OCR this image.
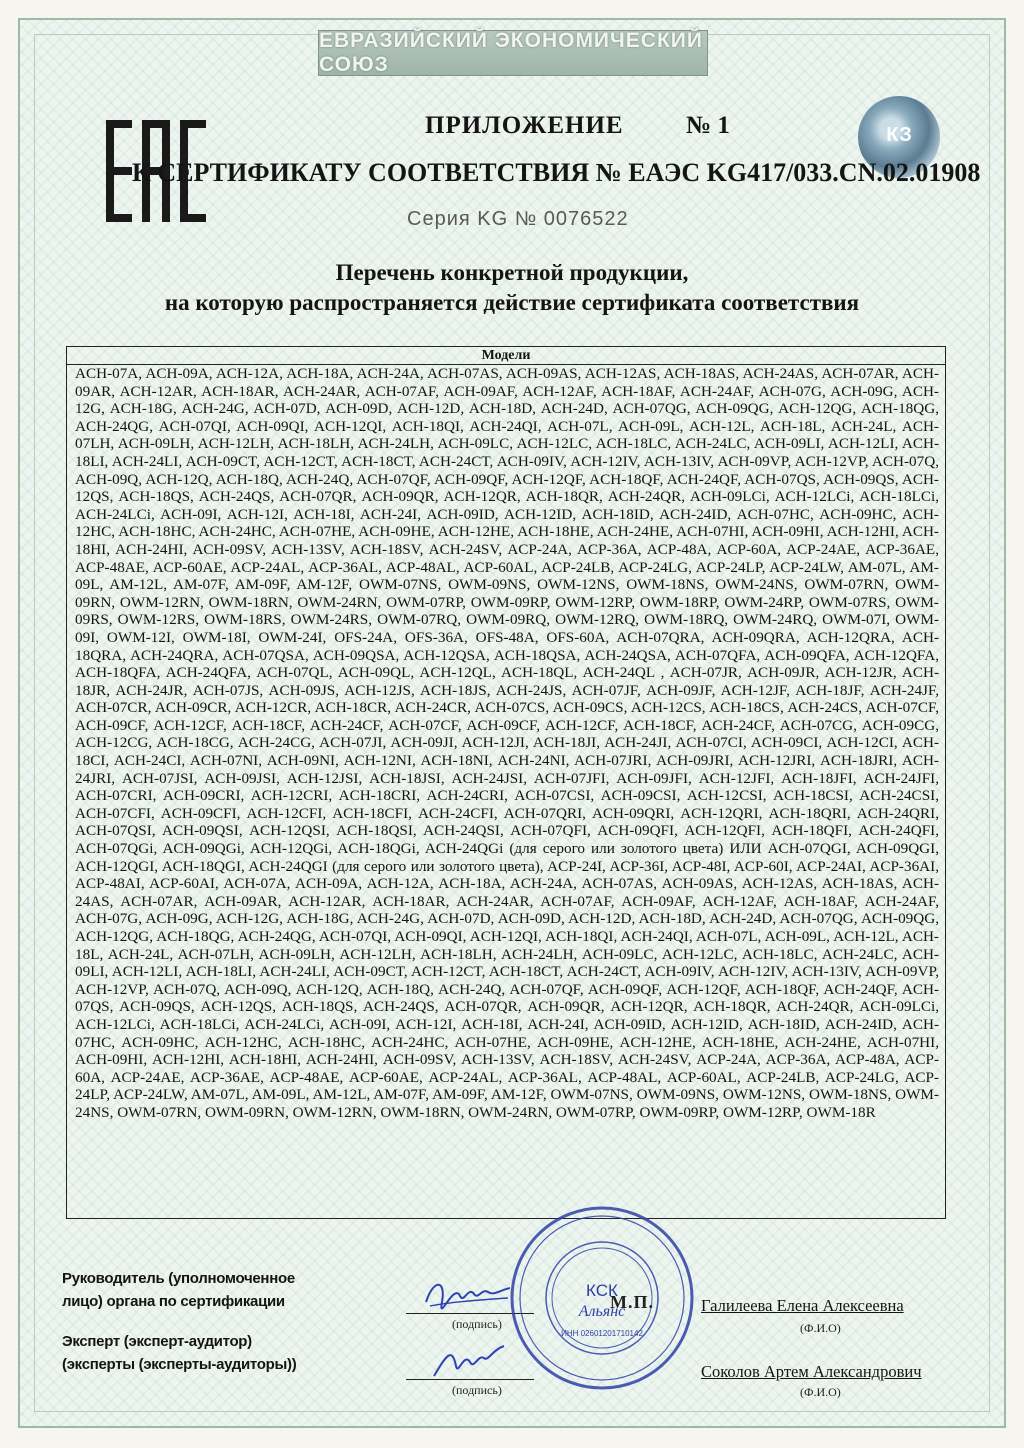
ЕВРАЗИЙСКИЙ ЭКОНОМИЧЕСКИЙ СОЮЗ
КЗ
ПРИЛОЖЕНИЕ № 1
К СЕРТИФИКАТУ СООТВЕТСТВИЯ № ЕАЭС KG417/033.CN.02.01908
Серия KG № 0076522
Перечень конкретной продукции,
на которую распространяется действие сертификата соответствия
Модели
ACH-07A, ACH-09A, ACH-12A, ACH-18A, ACH-24A, ACH-07AS, ACH-09AS, ACH-12AS, ACH-18AS, ACH-24AS, ACH-07AR, ACH-09AR, ACH-12AR, ACH-18AR, ACH-24AR, ACH-07AF, ACH-09AF, ACH-12AF, ACH-18AF, ACH-24AF, ACH-07G, ACH-09G, ACH-12G, ACH-18G, ACH-24G, ACH-07D, ACH-09D, ACH-12D, ACH-18D, ACH-24D, ACH-07QG, ACH-09QG, ACH-12QG, ACH-18QG, ACH-24QG, ACH-07QI, ACH-09QI, ACH-12QI, ACH-18QI, ACH-24QI, ACH-07L, ACH-09L, ACH-12L, ACH-18L, ACH-24L, ACH-07LH, ACH-09LH, ACH-12LH, ACH-18LH, ACH-24LH, ACH-09LC, ACH-12LC, ACH-18LC, ACH-24LC, ACH-09LI, ACH-12LI, ACH-18LI, ACH-24LI, ACH-09CT, ACH-12CT, ACH-18CT, ACH-24CT, ACH-09IV, ACH-12IV, ACH-13IV, ACH-09VP, ACH-12VP, ACH-07Q, ACH-09Q, ACH-12Q, ACH-18Q, ACH-24Q, ACH-07QF, ACH-09QF, ACH-12QF, ACH-18QF, ACH-24QF, ACH-07QS, ACH-09QS, ACH-12QS, ACH-18QS, ACH-24QS, ACH-07QR, ACH-09QR, ACH-12QR, ACH-18QR, ACH-24QR, ACH-09LCi, ACH-12LCi, ACH-18LCi, ACH-24LCi, ACH-09I, ACH-12I, ACH-18I, ACH-24I, ACH-09ID, ACH-12ID, ACH-18ID, ACH-24ID, ACH-07HC, ACH-09HC, ACH-12HC, ACH-18HC, ACH-24HC, ACH-07HE, ACH-09HE, ACH-12HE, ACH-18HE, ACH-24HE, ACH-07HI, ACH-09HI, ACH-12HI, ACH-18HI, ACH-24HI, ACH-09SV, ACH-13SV, ACH-18SV, ACH-24SV, ACP-24A, ACP-36A, ACP-48A, ACP-60A, ACP-24AE, ACP-36AE, ACP-48AE, ACP-60AE, ACP-24AL, ACP-36AL, ACP-48AL, ACP-60AL, ACP-24LB, ACP-24LG, ACP-24LP, ACP-24LW, AM-07L, AM-09L, AM-12L, AM-07F, AM-09F, AM-12F, OWM-07NS, OWM-09NS, OWM-12NS, OWM-18NS, OWM-24NS, OWM-07RN, OWM-09RN, OWM-12RN, OWM-18RN, OWM-24RN, OWM-07RP, OWM-09RP, OWM-12RP, OWM-18RP, OWM-24RP, OWM-07RS, OWM-09RS, OWM-12RS, OWM-18RS, OWM-24RS, OWM-07RQ, OWM-09RQ, OWM-12RQ, OWM-18RQ, OWM-24RQ, OWM-07I, OWM-09I, OWM-12I, OWM-18I, OWM-24I, OFS-24A, OFS-36A, OFS-48A, OFS-60A, ACH-07QRA, ACH-09QRA, ACH-12QRA, ACH-18QRA, ACH-24QRA, ACH-07QSA, ACH-09QSA, ACH-12QSA, ACH-18QSA, ACH-24QSA, ACH-07QFA, ACH-09QFA, ACH-12QFA, ACH-18QFA, ACH-24QFA, ACH-07QL, ACH-09QL, ACH-12QL, ACH-18QL, ACH-24QL , ACH-07JR, ACH-09JR, ACH-12JR, ACH-18JR, ACH-24JR, ACH-07JS, ACH-09JS, ACH-12JS, ACH-18JS, ACH-24JS, ACH-07JF, ACH-09JF, ACH-12JF, ACH-18JF, ACH-24JF, ACH-07CR, ACH-09CR, ACH-12CR, ACH-18CR, ACH-24CR, ACH-07CS, ACH-09CS, ACH-12CS, ACH-18CS, ACH-24CS, ACH-07CF, ACH-09CF, ACH-12CF, ACH-18CF, ACH-24CF, ACH-07CF, ACH-09CF, ACH-12CF, ACH-18CF, ACH-24CF, ACH-07CG, ACH-09CG, ACH-12CG, ACH-18CG, ACH-24CG, ACH-07JI, ACH-09JI, ACH-12JI, ACH-18JI, ACH-24JI, ACH-07CI, ACH-09CI, ACH-12CI, ACH-18CI, ACH-24CI, ACH-07NI, ACH-09NI, ACH-12NI, ACH-18NI, ACH-24NI, ACH-07JRI, ACH-09JRI, ACH-12JRI, ACH-18JRI, ACH-24JRI, ACH-07JSI, ACH-09JSI, ACH-12JSI, ACH-18JSI, ACH-24JSI, ACH-07JFI, ACH-09JFI, ACH-12JFI, ACH-18JFI, ACH-24JFI, ACH-07CRI, ACH-09CRI, ACH-12CRI, ACH-18CRI, ACH-24CRI, ACH-07CSI, ACH-09CSI, ACH-12CSI, ACH-18CSI, ACH-24CSI, ACH-07CFI, ACH-09CFI, ACH-12CFI, ACH-18CFI, ACH-24CFI, ACH-07QRI, ACH-09QRI, ACH-12QRI, ACH-18QRI, ACH-24QRI, ACH-07QSI, ACH-09QSI, ACH-12QSI, ACH-18QSI, ACH-24QSI, ACH-07QFI, ACH-09QFI, ACH-12QFI, ACH-18QFI, ACH-24QFI, ACH-07QGi, ACH-09QGi, ACH-12QGi, ACH-18QGi, ACH-24QGi (для серого или золотого цвета) ИЛИ ACH-07QGI, ACH-09QGI, ACH-12QGI, ACH-18QGI, ACH-24QGI (для серого или золотого цвета), ACP-24I, ACP-36I, ACP-48I, ACP-60I, ACP-24AI, ACP-36AI, ACP-48AI, ACP-60AI, ACH-07A, ACH-09A, ACH-12A, ACH-18A, ACH-24A, ACH-07AS, ACH-09AS, ACH-12AS, ACH-18AS, ACH-24AS, ACH-07AR, ACH-09AR, ACH-12AR, ACH-18AR, ACH-24AR, ACH-07AF, ACH-09AF, ACH-12AF, ACH-18AF, ACH-24AF, ACH-07G, ACH-09G, ACH-12G, ACH-18G, ACH-24G, ACH-07D, ACH-09D, ACH-12D, ACH-18D, ACH-24D, ACH-07QG, ACH-09QG, ACH-12QG, ACH-18QG, ACH-24QG, ACH-07QI, ACH-09QI, ACH-12QI, ACH-18QI, ACH-24QI, ACH-07L, ACH-09L, ACH-12L, ACH-18L, ACH-24L, ACH-07LH, ACH-09LH, ACH-12LH, ACH-18LH, ACH-24LH, ACH-09LC, ACH-12LC, ACH-18LC, ACH-24LC, ACH-09LI, ACH-12LI, ACH-18LI, ACH-24LI, ACH-09CT, ACH-12CT, ACH-18CT, ACH-24CT, ACH-09IV, ACH-12IV, ACH-13IV, ACH-09VP, ACH-12VP, ACH-07Q, ACH-09Q, ACH-12Q, ACH-18Q, ACH-24Q, ACH-07QF, ACH-09QF, ACH-12QF, ACH-18QF, ACH-24QF, ACH-07QS, ACH-09QS, ACH-12QS, ACH-18QS, ACH-24QS, ACH-07QR, ACH-09QR, ACH-12QR, ACH-18QR, ACH-24QR, ACH-09LCi, ACH-12LCi, ACH-18LCi, ACH-24LCi, ACH-09I, ACH-12I, ACH-18I, ACH-24I, ACH-09ID, ACH-12ID, ACH-18ID, ACH-24ID, ACH-07HC, ACH-09HC, ACH-12HC, ACH-18HC, ACH-24HC, ACH-07HE, ACH-09HE, ACH-12HE, ACH-18HE, ACH-24HE, ACH-07HI, ACH-09HI, ACH-12HI, ACH-18HI, ACH-24HI, ACH-09SV, ACH-13SV, ACH-18SV, ACH-24SV, ACP-24A, ACP-36A, ACP-48A, ACP-60A, ACP-24AE, ACP-36AE, ACP-48AE, ACP-60AE, ACP-24AL, ACP-36AL, ACP-48AL, ACP-60AL, ACP-24LB, ACP-24LG, ACP-24LP, ACP-24LW, AM-07L, AM-09L, AM-12L, AM-07F, AM-09F, AM-12F, OWM-07NS, OWM-09NS, OWM-12NS, OWM-18NS, OWM-24NS, OWM-07RN, OWM-09RN, OWM-12RN, OWM-18RN, OWM-24RN, OWM-07RP, OWM-09RP, OWM-12RP, OWM-18R
Руководитель (уполномоченное
лицо) органа по сертификации
Эксперт (эксперт-аудитор)
(эксперты (эксперты-аудиторы))
(подпись)
(подпись)
Галилеева Елена Алексеевна
(Ф.И.О)
Соколов Артем Александрович
(Ф.И.О)
КСК
Альянс
ИНН 02601201710142
М.П.
